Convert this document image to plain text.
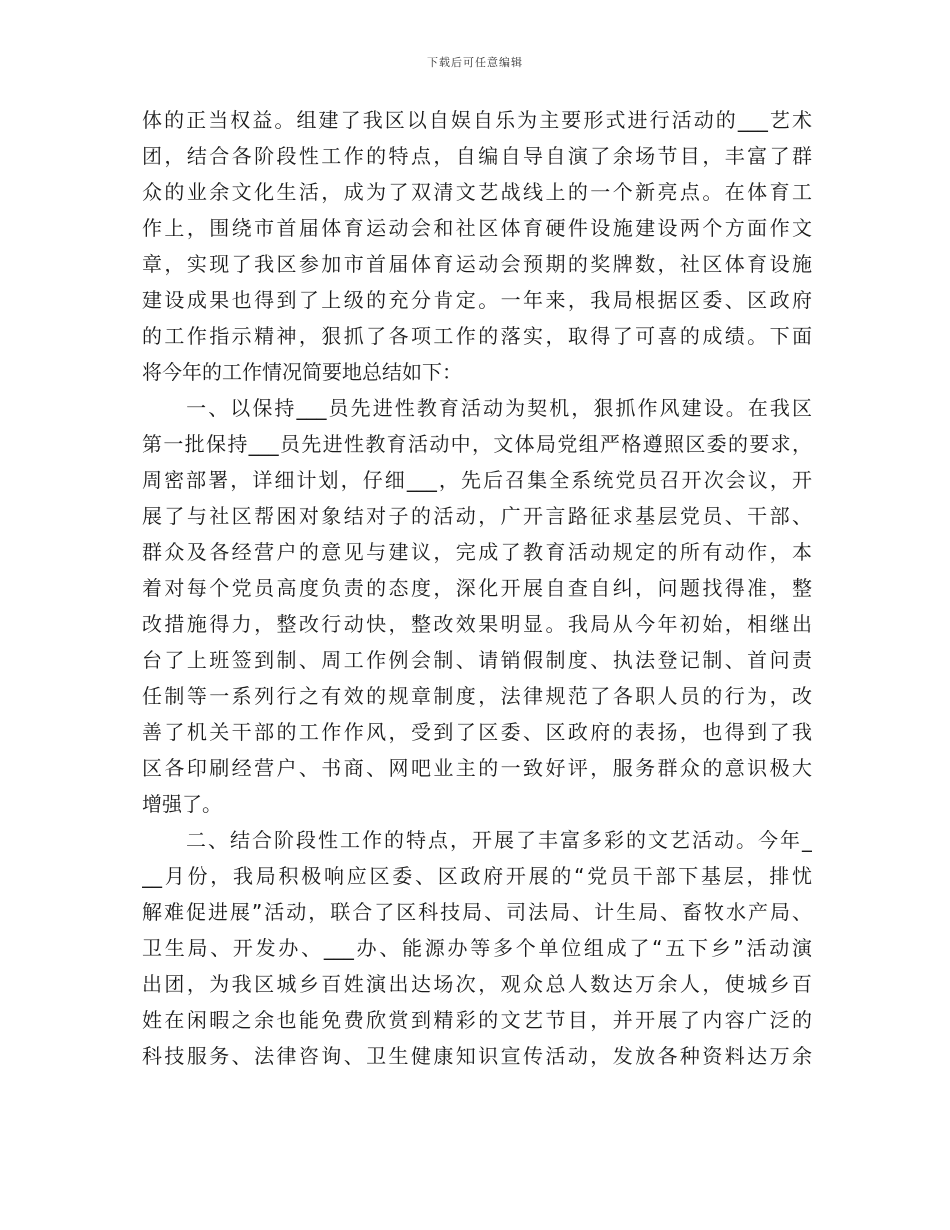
下载后可任意编辑
体的正当权益。组建了我区以自娱自乐为主要形式进行活动的___艺术
团，结合各阶段性工作的特点，自编自导自演了余场节目，丰富了群
众的业余文化生活，成为了双清文艺战线上的一个新亮点。在体育工
作上，围绕市首届体育运动会和社区体育硬件设施建设两个方面作文
章，实现了我区参加市首届体育运动会预期的奖牌数，社区体育设施
建设成果也得到了上级的充分肯定。一年来，我局根据区委、区政府
的工作指示精神，狠抓了各项工作的落实，取得了可喜的成绩。下面
将今年的工作情况简要地总结如下：
　　一、以保持___员先进性教育活动为契机，狠抓作风建设。在我区
第一批保持___员先进性教育活动中，文体局党组严格遵照区委的要求，
周密部署，详细计划，仔细___，先后召集全系统党员召开次会议，开
展了与社区帮困对象结对子的活动，广开言路征求基层党员、干部、
群众及各经营户的意见与建议，完成了教育活动规定的所有动作，本
着对每个党员高度负责的态度，深化开展自查自纠，问题找得准，整
改措施得力，整改行动快，整改效果明显。我局从今年初始，相继出
台了上班签到制、周工作例会制、请销假制度、执法登记制、首问责
任制等一系列行之有效的规章制度，法律规范了各职人员的行为，改
善了机关干部的工作作风，受到了区委、区政府的表扬，也得到了我
区各印刷经营户、书商、网吧业主的一致好评，服务群众的意识极大
增强了。
　　二、结合阶段性工作的特点，开展了丰富多彩的文艺活动。今年_
__月份，我局积极响应区委、区政府开展的“党员干部下基层，排忧
解难促进展”活动，联合了区科技局、司法局、计生局、畜牧水产局、
卫生局、开发办、___办、能源办等多个单位组成了“五下乡”活动演
出团，为我区城乡百姓演出达场次，观众总人数达万余人，使城乡百
姓在闲暇之余也能免费欣赏到精彩的文艺节目，并开展了内容广泛的
科技服务、法律咨询、卫生健康知识宣传活动，发放各种资料达万余
